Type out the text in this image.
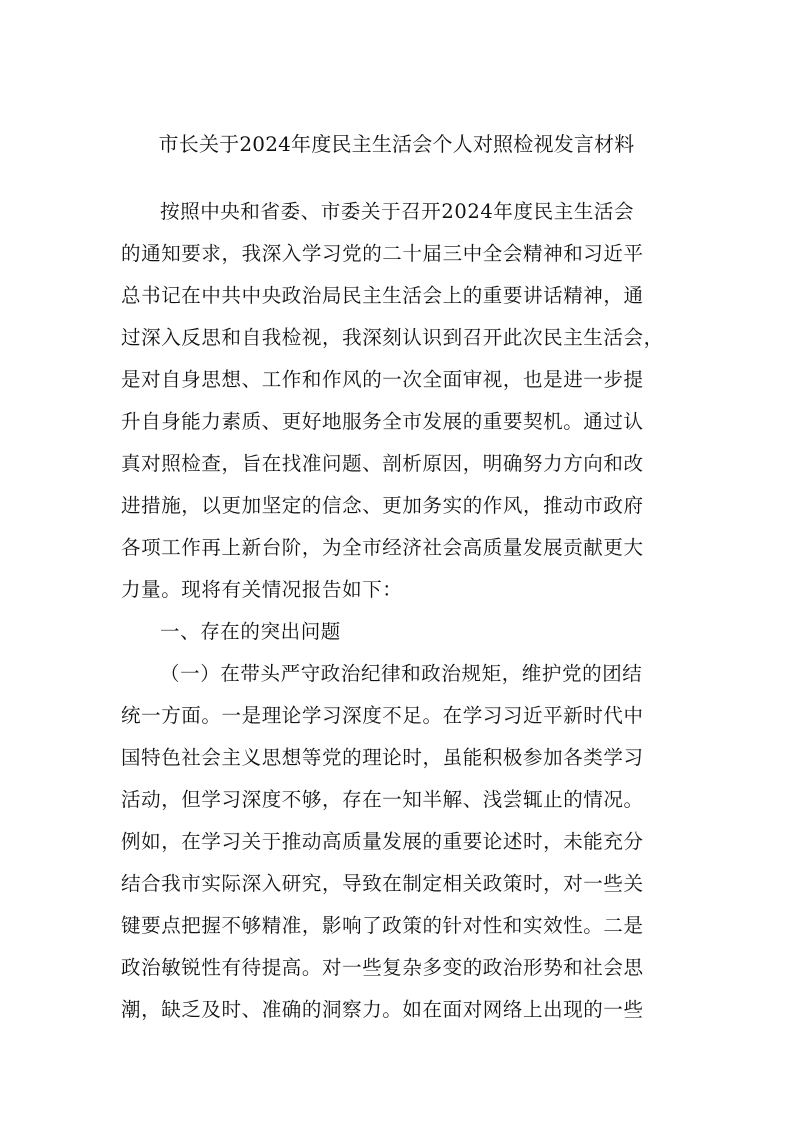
市长关于2024年度民主生活会个人对照检视发言材料

按照中央和省委、市委关于召开2024年度民主生活会

的通知要求，我深入学习党的二十届三中全会精神和习近平

总书记在中共中央政治局民主生活会上的重要讲话精神，通

过深入反思和自我检视，我深刻认识到召开此次民主生活会，

是对自身思想、工作和作风的一次全面审视，也是进一步提

升自身能力素质、更好地服务全市发展的重要契机。通过认

真对照检查，旨在找准问题、剖析原因，明确努力方向和改

进措施，以更加坚定的信念、更加务实的作风，推动市政府

各项工作再上新台阶，为全市经济社会高质量发展贡献更大

力量。现将有关情况报告如下：

一、存在的突出问题

（一）在带头严守政治纪律和政治规矩，维护党的团结

统一方面。一是理论学习深度不足。在学习习近平新时代中

国特色社会主义思想等党的理论时，虽能积极参加各类学习

活动，但学习深度不够，存在一知半解、浅尝辄止的情况。

例如，在学习关于推动高质量发展的重要论述时，未能充分

结合我市实际深入研究，导致在制定相关政策时，对一些关

键要点把握不够精准，影响了政策的针对性和实效性。二是

政治敏锐性有待提高。对一些复杂多变的政治形势和社会思

潮，缺乏及时、准确的洞察力。如在面对网络上出现的一些
